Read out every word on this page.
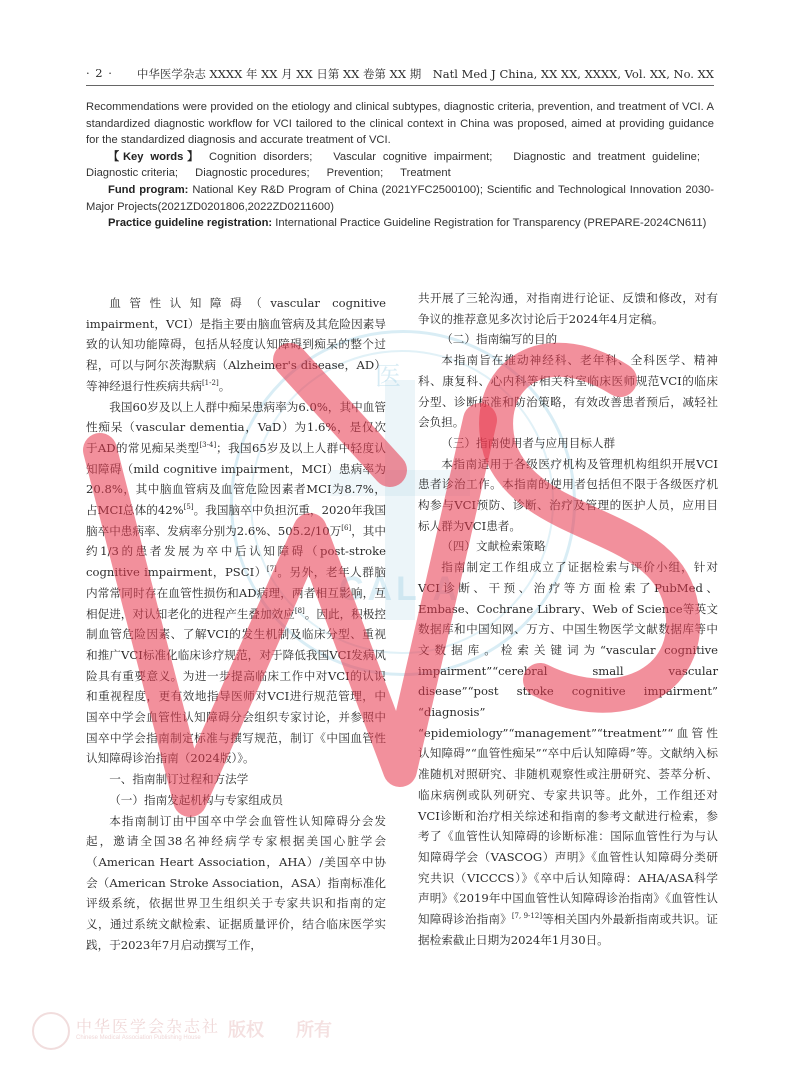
医
CAL A
· 2 · 中华医学杂志 XXXX 年 XX 月 XX 日第 XX 卷第 XX 期　Natl Med J China, XX XX, XXXX, Vol. XX, No. XX

Recommendations were provided on the etiology and clinical subtypes, diagnostic criteria, prevention, and treatment of VCI. A standardized diagnostic workflow for VCI tailored to the clinical context in China was proposed, aimed at providing guidance for the standardized diagnosis and accurate treatment of VCI.

【Key words】 Cognition disorders; Vascular cognitive impairment; Diagnostic and treatment guideline; Diagnostic criteria; Diagnostic procedures; Prevention; Treatment

Fund program: National Key R&D Program of China (2021YFC2500100); Scientific and Technological Innovation 2030-Major Projects(2021ZD0201806,2022ZD0211600)

Practice guideline registration: International Practice Guideline Registration for Transparency (PREPARE-2024CN611)

血管性认知障碍（vascular cognitive impairment，VCI）是指主要由脑血管病及其危险因素导致的认知功能障碍，包括从轻度认知障碍到痴呆的整个过程，可以与阿尔茨海默病（Alzheimer's disease，AD）等神经退行性疾病共病[1-2]。

我国60岁及以上人群中痴呆患病率为6.0%，其中血管性痴呆（vascular dementia，VaD）为1.6%，是仅次于AD的常见痴呆类型[3-4]；我国65岁及以上人群中轻度认知障碍（mild cognitive impairment，MCI）患病率为20.8%，其中脑血管病及血管危险因素者MCI为8.7%，占MCI总体的42%[5]。我国脑卒中负担沉重，2020年我国脑卒中患病率、发病率分别为2.6%、505.2/10万[6]，其中约1/3的患者发展为卒中后认知障碍（post-stroke cognitive impairment，PSCI）[7]。另外，老年人群脑内常常同时存在血管性损伤和AD病理，两者相互影响，互相促进，对认知老化的进程产生叠加效应[8]。因此，积极控制血管危险因素、了解VCI的发生机制及临床分型、重视和推广VCI标准化临床诊疗规范，对于降低我国VCI发病风险具有重要意义。为进一步提高临床工作中对VCI的认识和重视程度，更有效地指导医师对VCI进行规范管理，中国卒中学会血管性认知障碍分会组织专家讨论，并参照中国卒中学会指南制定标准与撰写规范，制订《中国血管性认知障碍诊治指南（2024版）》。

一、指南制订过程和方法学

（一）指南发起机构与专家组成员

本指南制订由中国卒中学会血管性认知障碍分会发起，邀请全国38名神经病学专家根据美国心脏学会（American Heart Association，AHA）/美国卒中协会（American Stroke Association，ASA）指南标准化评级系统，依据世界卫生组织关于专家共识和指南的定义，通过系统文献检索、证据质量评价，结合临床医学实践，于2023年7月启动撰写工作，

共开展了三轮沟通，对指南进行论证、反馈和修改，对有争议的推荐意见多次讨论后于2024年4月定稿。

（二）指南编写的目的

本指南旨在推动神经科、老年科、全科医学、精神科、康复科、心内科等相关科室临床医师规范VCI的临床分型、诊断标准和防治策略，有效改善患者预后，减轻社会负担。

（三）指南使用者与应用目标人群

本指南适用于各级医疗机构及管理机构组织开展VCI患者诊治工作。本指南的使用者包括但不限于各级医疗机构参与VCI预防、诊断、治疗及管理的医护人员，应用目标人群为VCI患者。

（四）文献检索策略

指南制定工作组成立了证据检索与评价小组，针对VCI诊断、干预、治疗等方面检索了PubMed、Embase、Cochrane Library、Web of Science等英文数据库和中国知网、万方、中国生物医学文献数据库等中文数据库。检索关键词为“vascular cognitive impairment”“cerebral small vascular disease”“post stroke cognitive impairment” “diagnosis” “epidemiology”“management”“treatment”“血管性认知障碍”“血管性痴呆”“卒中后认知障碍”等。文献纳入标准随机对照研究、非随机观察性或注册研究、荟萃分析、临床病例或队列研究、专家共识等。此外，工作组还对VCI诊断和治疗相关综述和指南的参考文献进行检索，参考了《血管性认知障碍的诊断标准：国际血管性行为与认知障碍学会（VASCOG）声明》《血管性认知障碍分类研究共识（VICCCS）》《卒中后认知障碍：AHA/ASA科学声明》《2019年中国血管性认知障碍诊治指南》《血管性认知障碍诊治指南》[7, 9-12]等相关国内外最新指南或共识。证据检索截止日期为2024年1月30日。

中华医学会杂志社
Chinese Medical Association Publishing House 版权 所有
